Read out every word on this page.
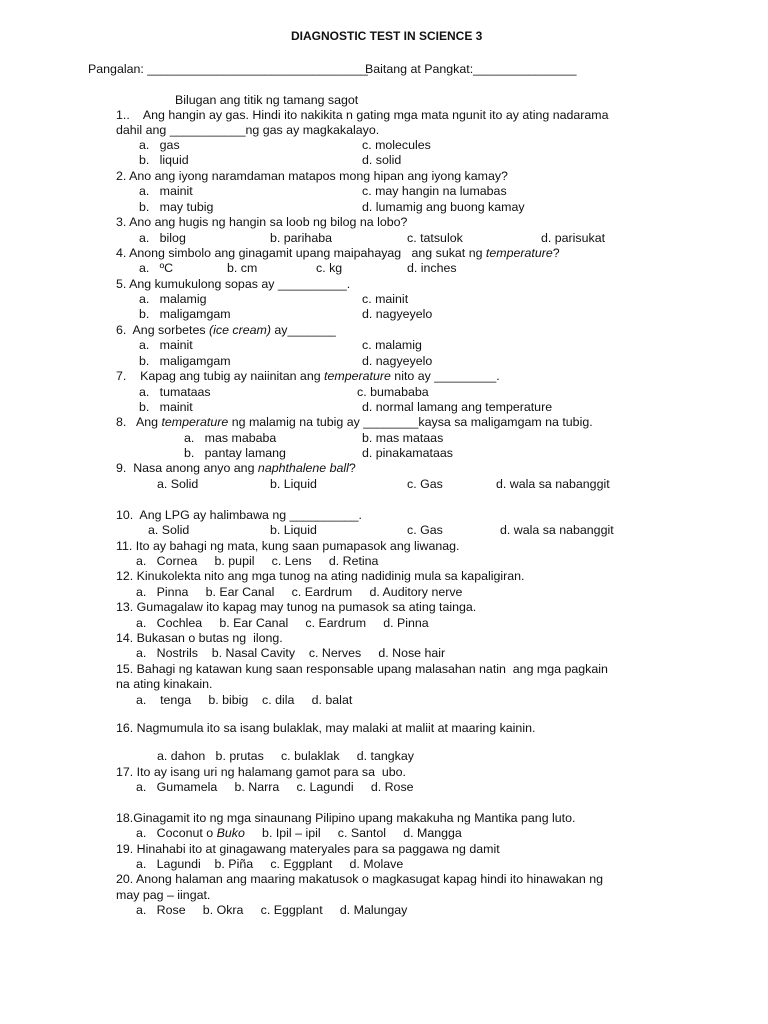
DIAGNOSTIC TEST IN SCIENCE 3
Pangalan: ________________________________
Baitang at Pangkat:_______________
Bilugan ang titik ng tamang sagot
1..    Ang hangin ay gas. Hindi ito nakikita n gating mga mata ngunit ito ay ating nadarama
dahil ang ___________ng gas ay magkakalayo.
a.   gas	c. molecules
b.   liquid	d. solid
2. Ano ang iyong naramdaman matapos mong hipan ang iyong kamay?
a.   mainit	c. may hangin na lumabas
b.   may tubig	d. lumamig ang buong kamay
3. Ano ang hugis ng hangin sa loob ng bilog na lobo?
a.   bilog	b. parihaba	c. tatsulok	d. parisukat
4. Anong simbolo ang ginagamit upang maipahayag   ang sukat ng temperature?
a.   ºC	b. cm	c. kg	d. inches
5. Ang kumukulong sopas ay __________.
a.   malamig	c. mainit
b.   maligamgam	d. nagyeyelo
6.  Ang sorbetes (ice cream) ay_______
a.   mainit	c. malamig
b.   maligamgam	d. nagyeyelo
7.    Kapag ang tubig ay naiinitan ang temperature nito ay _________.
a.   tumataas	c. bumababa
b.   mainit	d. normal lamang ang temperature
8.   Ang temperature ng malamig na tubig ay ________kaysa sa maligamgam na tubig.
a.   mas mababa	b. mas mataas
b.   pantay lamang	d. pinakamataas
9.  Nasa anong anyo ang naphthalene ball?
a. Solid	b. Liquid	c. Gas	d. wala sa nabanggit
10.  Ang LPG ay halimbawa ng __________.
a. Solid	b. Liquid	c. Gas	d. wala sa nabanggit
11. Ito ay bahagi ng mata, kung saan pumapasok ang liwanag.
a.   Cornea     b. pupil     c. Lens     d. Retina
12. Kinukolekta nito ang mga tunog na ating nadidinig mula sa kapaligiran.
a.   Pinna     b. Ear Canal     c. Eardrum     d. Auditory nerve
13. Gumagalaw ito kapag may tunog na pumasok sa ating tainga.
a.   Cochlea     b. Ear Canal     c. Eardrum     d. Pinna
14. Bukasan o butas ng  ilong.
a.   Nostrils    b. Nasal Cavity    c. Nerves     d. Nose hair
15. Bahagi ng katawan kung saan responsable upang malasahan natin  ang mga pagkain
na ating kinakain.
a.    tenga     b. bibig    c. dila     d. balat
16. Nagmumula ito sa isang bulaklak, may malaki at maliit at maaring kainin.
a. dahon   b. prutas     c. bulaklak     d. tangkay
17. Ito ay isang uri ng halamang gamot para sa  ubo.
a.   Gumamela     b. Narra     c. Lagundi     d. Rose
18.Ginagamit ito ng mga sinaunang Pilipino upang makakuha ng Mantika pang luto.
a.   Coconut o Buko     b. Ipil – ipil     c. Santol     d. Mangga
19. Hinahabi ito at ginagawang materyales para sa paggawa ng damit
a.   Lagundi    b. Piña     c. Eggplant     d. Molave
20. Anong halaman ang maaring makatusok o magkasugat kapag hindi ito hinawakan ng
may pag – iingat.
a.   Rose     b. Okra     c. Eggplant     d. Malungay
